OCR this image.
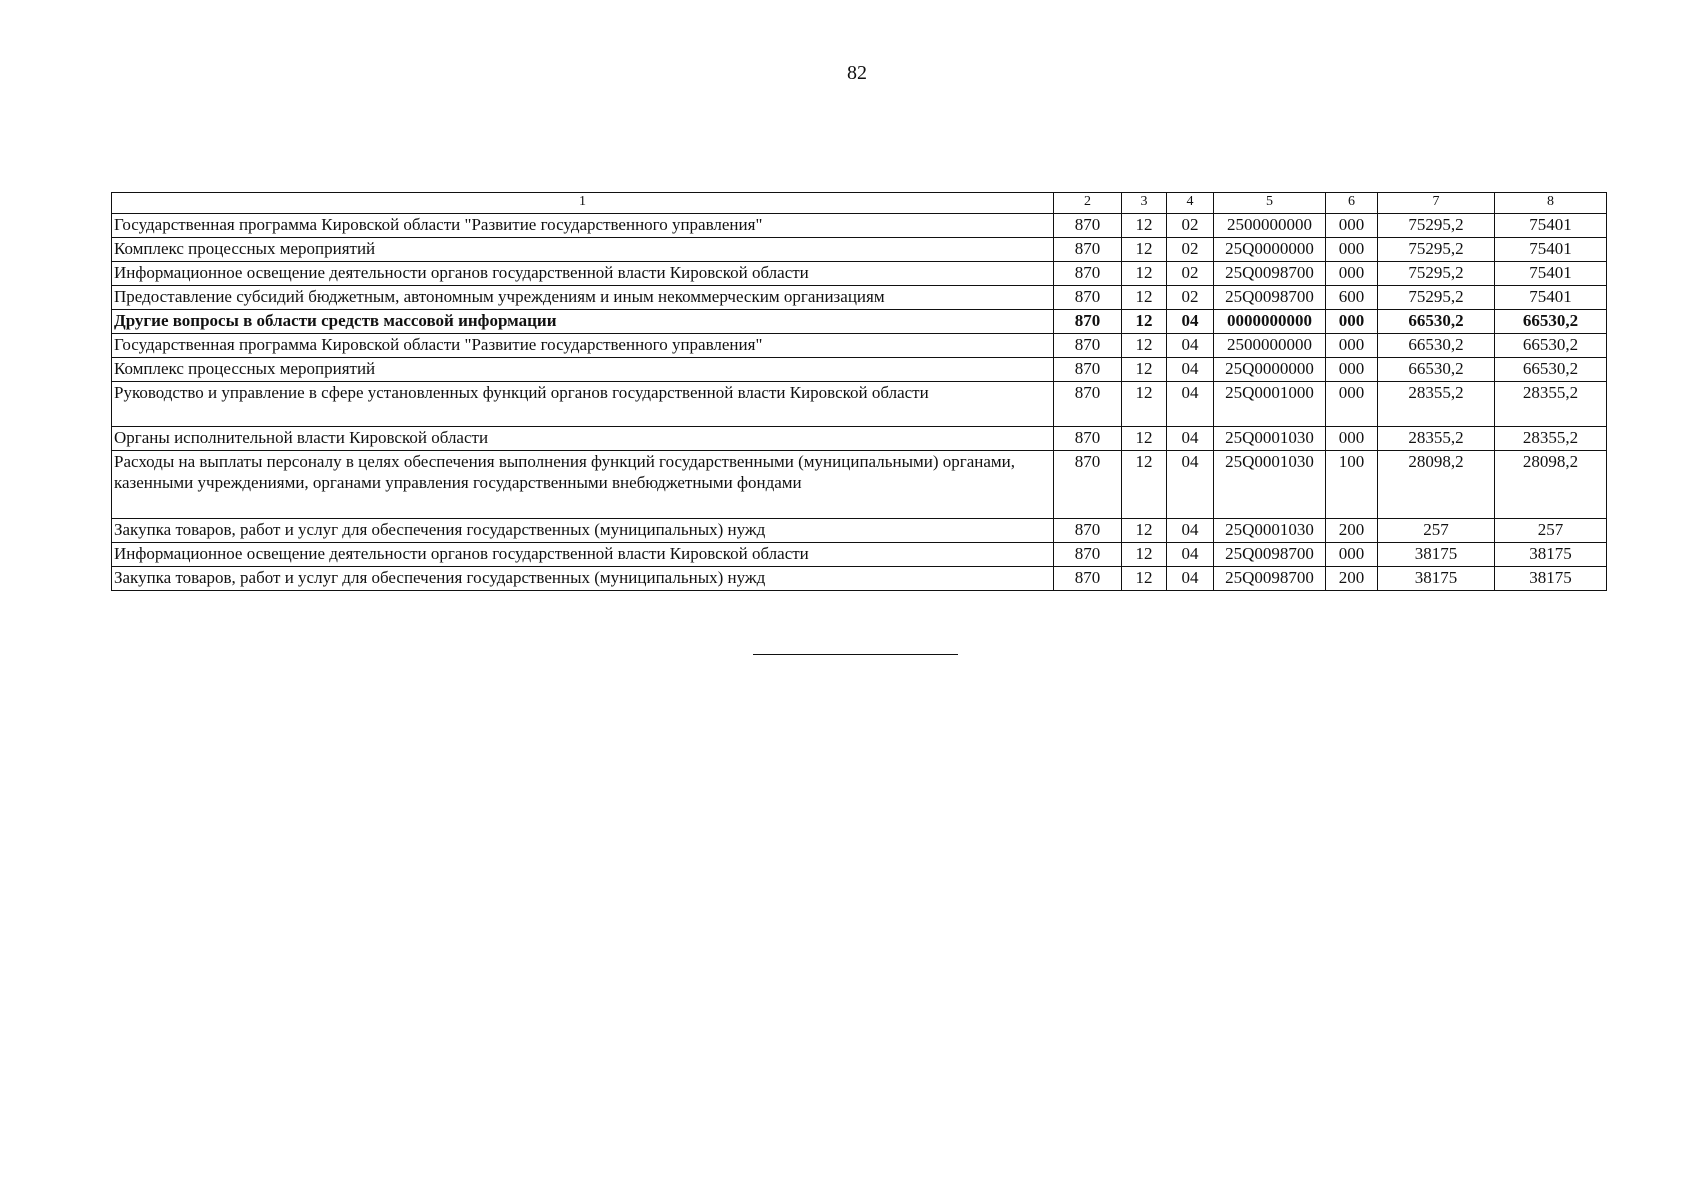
82
1	2	3	4	5	6	7	8
Государственная программа Кировской области "Развитие государственного управления"	870	12	02	2500000000	000	75295,2	75401
Комплекс процессных мероприятий	870	12	02	25Q0000000	000	75295,2	75401
Информационное освещение деятельности органов государственной власти Кировской области	870	12	02	25Q0098700	000	75295,2	75401
Предоставление субсидий бюджетным, автономным учреждениям и иным некоммерческим организациям	870	12	02	25Q0098700	600	75295,2	75401
Другие вопросы в области средств массовой информации	870	12	04	0000000000	000	66530,2	66530,2
Государственная программа Кировской области "Развитие государственного управления"	870	12	04	2500000000	000	66530,2	66530,2
Комплекс процессных мероприятий	870	12	04	25Q0000000	000	66530,2	66530,2
Руководство и управление в сфере установленных функций органов государственной власти Кировской области	870	12	04	25Q0001000	000	28355,2	28355,2
Органы исполнительной власти Кировской области	870	12	04	25Q0001030	000	28355,2	28355,2
Расходы на выплаты персоналу в целях обеспечения выполнения функций государственными (муниципальными) органами, казенными учреждениями, органами управления государственными внебюджетными фондами	870	12	04	25Q0001030	100	28098,2	28098,2
Закупка товаров, работ и услуг для обеспечения государственных (муниципальных) нужд	870	12	04	25Q0001030	200	257	257
Информационное освещение деятельности органов государственной власти Кировской области	870	12	04	25Q0098700	000	38175	38175
Закупка товаров, работ и услуг для обеспечения государственных (муниципальных) нужд	870	12	04	25Q0098700	200	38175	38175
